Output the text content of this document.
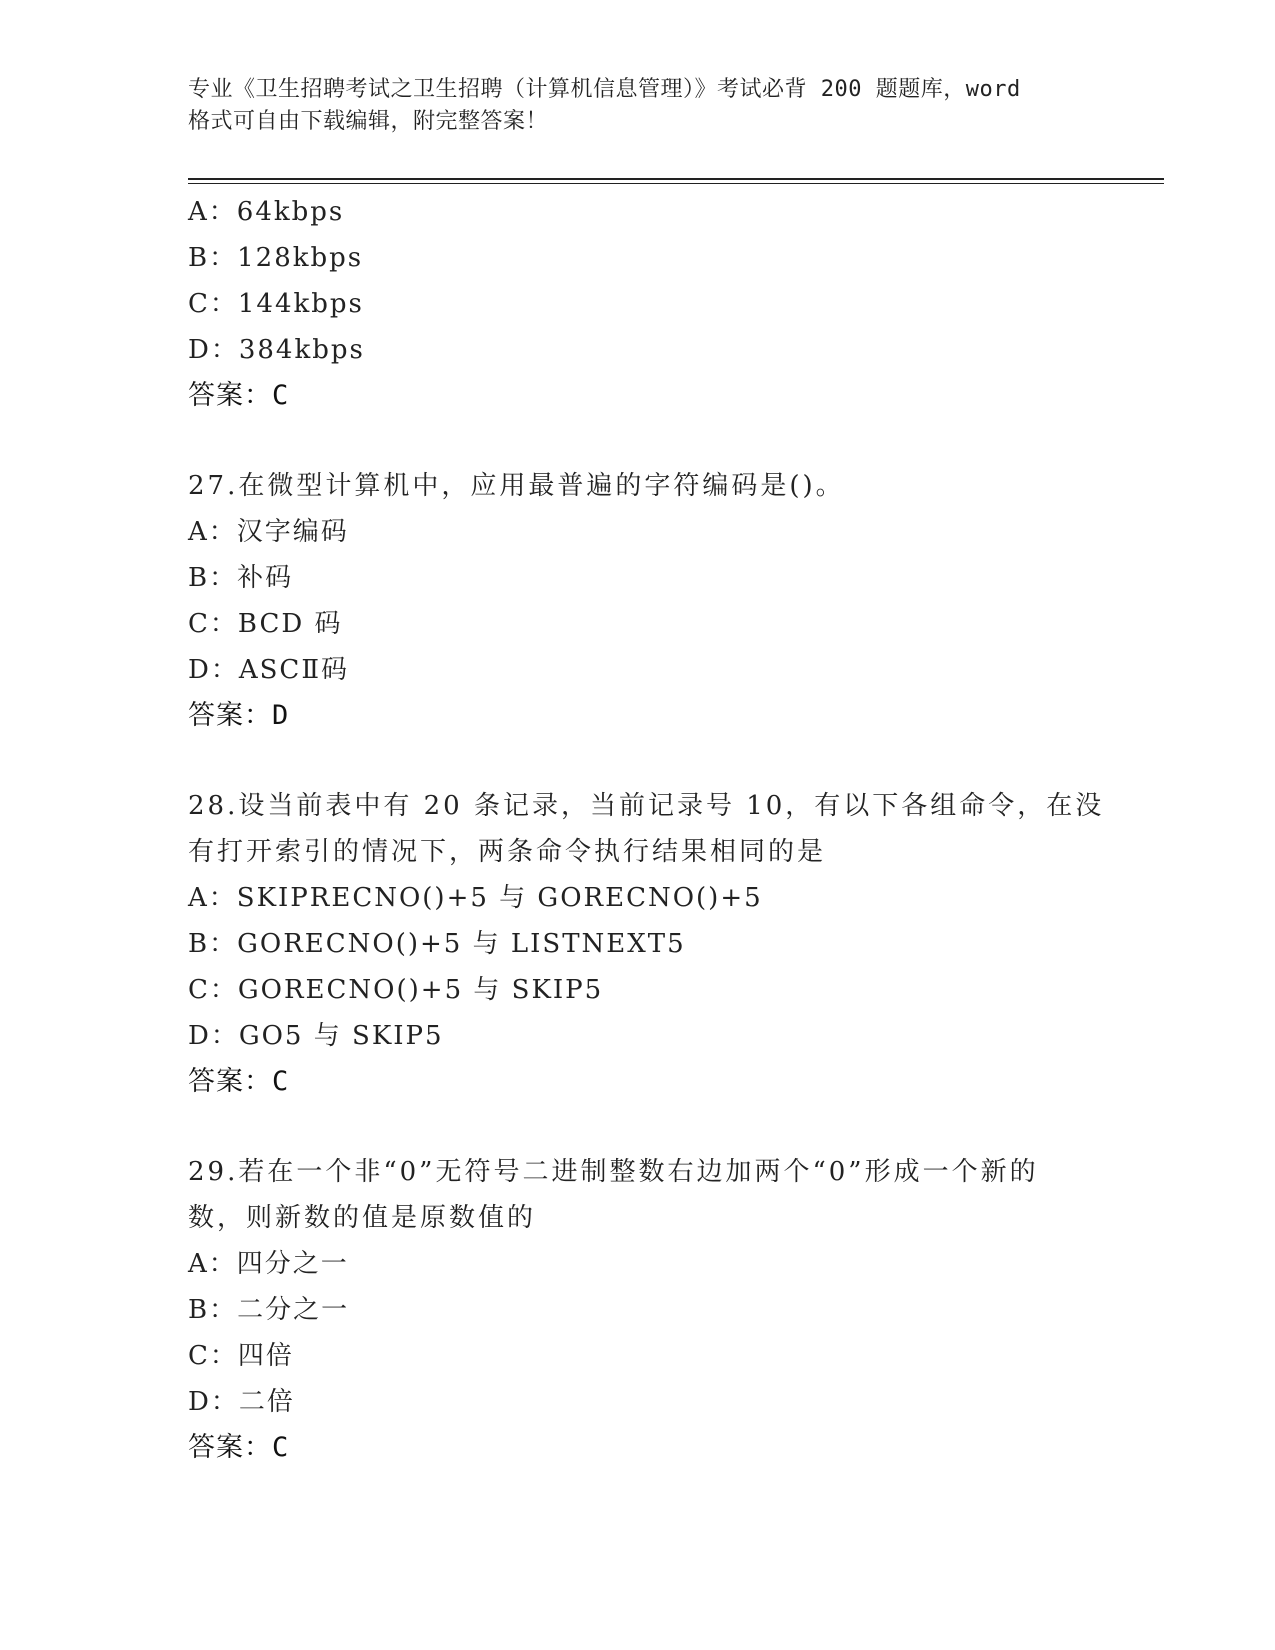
专业《卫生招聘考试之卫生招聘（计算机信息管理）》考试必背 200 题题库，word
格式可自由下载编辑，附完整答案！
A：64kbps
B：128kbps
C：144kbps
D：384kbps
答案：C
27.在微型计算机中，应用最普遍的字符编码是()。
A：汉字编码
B：补码
C：BCD 码
D：ASCⅡ码
答案：D
28.设当前表中有 20 条记录，当前记录号 10，有以下各组命令，在没
有打开索引的情况下，两条命令执行结果相同的是
A：SKIPRECNO()+5 与 GORECNO()+5
B：GORECNO()+5 与 LISTNEXT5
C：GORECNO()+5 与 SKIP5
D：GO5 与 SKIP5
答案：C
29.若在一个非“0”无符号二进制整数右边加两个“0”形成一个新的
数，则新数的值是原数值的
A：四分之一
B：二分之一
C：四倍
D：二倍
答案：C
